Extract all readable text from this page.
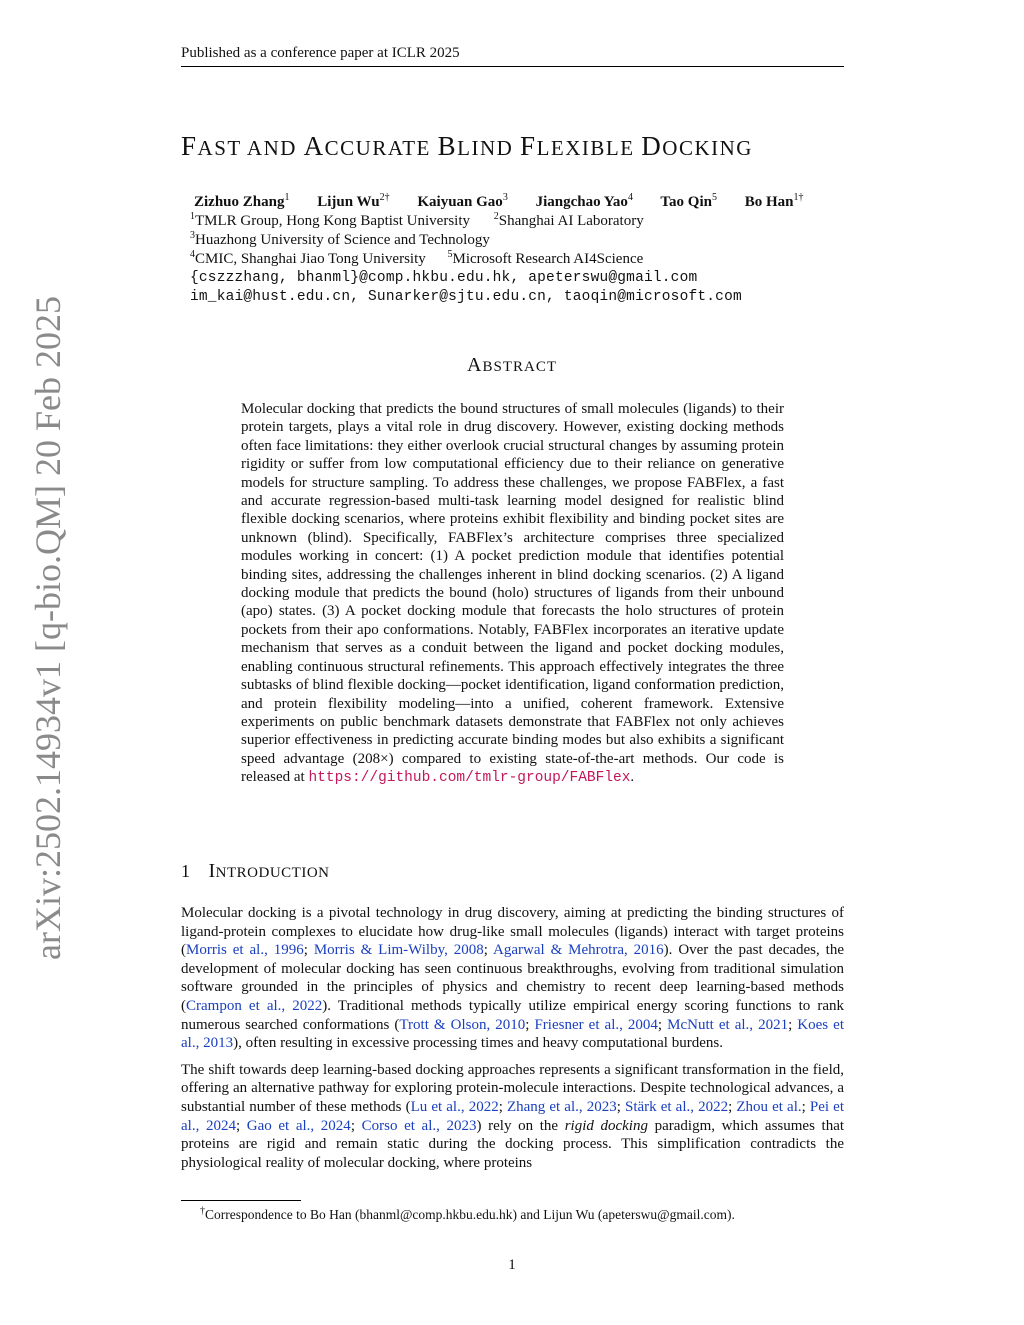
Published as a conference paper at ICLR 2025
arXiv:2502.14934v1 [q-bio.QM] 20 Feb 2025
FAST AND ACCURATE BLIND FLEXIBLE DOCKING
Zizhuo Zhang$^1$ Lijun $Wu^{2\dagger}$ Kaiyuan Gao$^3$ Jiangchao Yao$^4$ Tao Qin$^5$ Bo Han$^{1\dagger}$
$^1$TMLR Group, Hong Kong Baptist University $^2$Shanghai AI Laboratory
$^3$Huazhong University of Science and Technology
$^4$CMIC, Shanghai Jiao Tong University $^5$Microsoft Research AI4Science
{cszzzhang, bhanml}@comp.hkbu.edu.hk, apeterswu@gmail.com
im_kai@hust.edu.cn, Sunarker@sjtu.edu.cn, taoqin@microsoft.com
ABSTRACT
Molecular docking that predicts the bound structures of small molecules (ligands) to their protein targets, plays a vital role in drug discovery. However, existing docking methods often face limitations: they either overlook crucial structural changes by assuming protein rigidity or suffer from low computational efficiency due to their reliance on generative models for structure sampling. To address these challenges, we propose FABFlex, a fast and accurate regression-based multi-task learning model designed for realistic blind flexible docking scenarios, where proteins exhibit flexibility and binding pocket sites are unknown (blind). Specifically, FABFlex’s architecture comprises three specialized modules working in concert: (1) A pocket prediction module that identifies potential binding sites, addressing the challenges inherent in blind docking scenarios. (2) A ligand docking module that predicts the bound (holo) structures of ligands from their unbound (apo) states. (3) A pocket docking module that forecasts the holo structures of protein pockets from their apo conformations. Notably, FABFlex incorporates an iterative update mechanism that serves as a conduit between the ligand and pocket docking modules, enabling continuous structural refinements. This approach effectively integrates the three subtasks of blind flexible docking—pocket identification, ligand conformation prediction, and protein flexibility modeling—into a unified, coherent framework. Extensive experiments on public benchmark datasets demonstrate that FABFlex not only achieves superior effectiveness in predicting accurate binding modes but also exhibits a significant speed advantage (208×) compared to existing state-of-the-art methods. Our code is released at https://github.com/tmlr-group/FABFlex.
1 INTRODUCTION

Molecular docking is a pivotal technology in drug discovery, aiming at predicting the binding structures of ligand-protein complexes to elucidate how drug-like small molecules (ligands) interact with target proteins (Morris et al., 1996; Morris & Lim-Wilby, 2008; Agarwal & Mehrotra, 2016). Over the past decades, the development of molecular docking has seen continuous breakthroughs, evolving from traditional simulation software grounded in the principles of physics and chemistry to recent deep learning-based methods (Crampon et al., 2022). Traditional methods typically utilize empirical energy scoring functions to rank numerous searched conformations (Trott & Olson, 2010; Friesner et al., 2004; McNutt et al., 2021; Koes et al., 2013), often resulting in excessive processing times and heavy computational burdens.

The shift towards deep learning-based docking approaches represents a significant transformation in the field, offering an alternative pathway for exploring protein-molecule interactions. Despite technological advances, a substantial number of these methods (Lu et al., 2022; Zhang et al., 2023; Stärk et al., 2022; Zhou et al.; Pei et al., 2024; Gao et al., 2024; Corso et al., 2023) rely on the rigid docking paradigm, which assumes that proteins are rigid and remain static during the docking process. This simplification contradicts the physiological reality of molecular docking, where proteins

†Correspondence to Bo Han (bhanml@comp.hkbu.edu.hk) and Lijun Wu (apeterswu@gmail.com).
1
